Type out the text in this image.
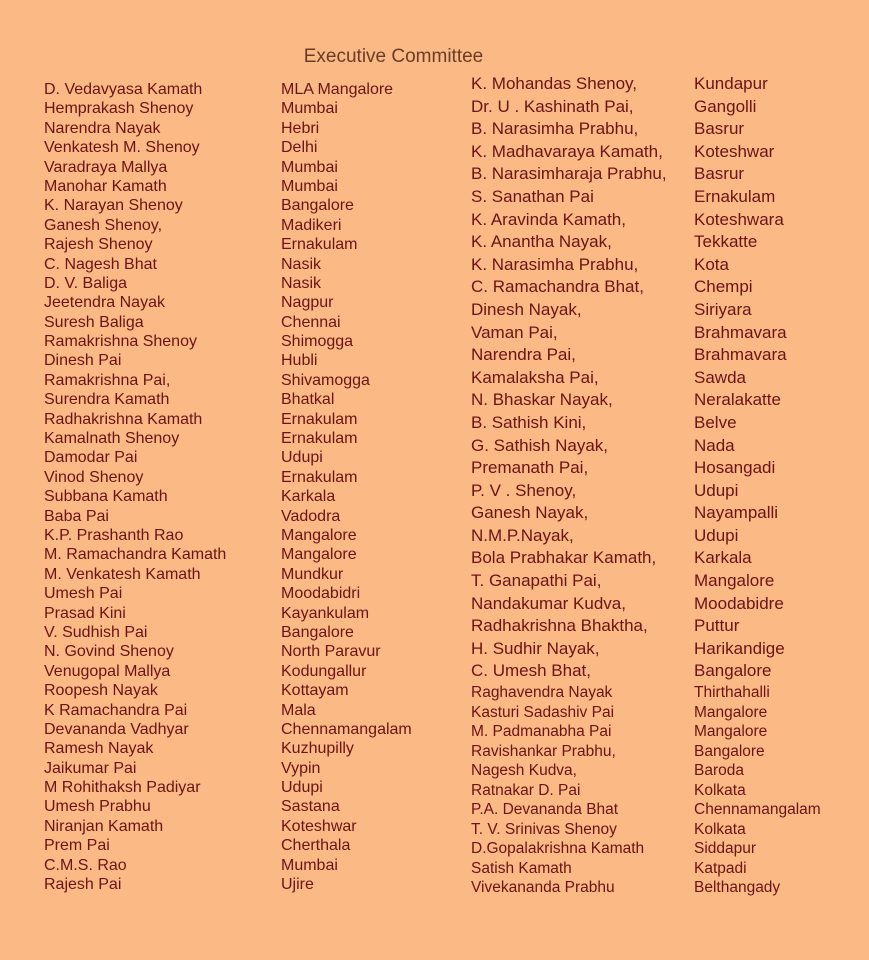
Executive Committee
D. Vedavyasa Kamath
Hemprakash Shenoy
Narendra Nayak
Venkatesh M. Shenoy
Varadraya Mallya
Manohar Kamath
K. Narayan Shenoy
Ganesh Shenoy,
Rajesh Shenoy
C. Nagesh Bhat
D. V. Baliga
Jeetendra Nayak
Suresh Baliga
Ramakrishna Shenoy
Dinesh Pai
Ramakrishna Pai,
Surendra Kamath
Radhakrishna Kamath
Kamalnath Shenoy
Damodar Pai
Vinod Shenoy
Subbana Kamath
Baba Pai
K.P. Prashanth Rao
M. Ramachandra Kamath
M. Venkatesh Kamath
Umesh Pai
Prasad Kini
V. Sudhish Pai
N. Govind Shenoy
Venugopal Mallya
Roopesh Nayak
K Ramachandra Pai
Devananda Vadhyar
Ramesh Nayak
Jaikumar Pai
M Rohithaksh Padiyar
Umesh Prabhu
Niranjan Kamath
Prem Pai
C.M.S. Rao
Rajesh Pai
MLA Mangalore
Mumbai
Hebri
Delhi
Mumbai
Mumbai
Bangalore
Madikeri
Ernakulam
Nasik
Nasik
Nagpur
Chennai
Shimogga
Hubli
Shivamogga
Bhatkal
Ernakulam
Ernakulam
Udupi
Ernakulam
Karkala
Vadodra
Mangalore
Mangalore
Mundkur
Moodabidri
Kayankulam
Bangalore
North Paravur
Kodungallur
Kottayam
Mala
Chennamangalam
Kuzhupilly
Vypin
Udupi
Sastana
Koteshwar
Cherthala
Mumbai
Ujire
K. Mohandas Shenoy,
Dr. U . Kashinath Pai,
B. Narasimha Prabhu,
K. Madhavaraya Kamath,
B. Narasimharaja Prabhu,
S. Sanathan Pai
K. Aravinda Kamath,
K. Anantha Nayak,
K. Narasimha Prabhu,
C. Ramachandra Bhat,
Dinesh Nayak,
Vaman Pai,
Narendra Pai,
Kamalaksha Pai,
N. Bhaskar Nayak,
B. Sathish Kini,
G. Sathish Nayak,
Premanath Pai,
P. V . Shenoy,
Ganesh Nayak,
N.M.P.Nayak,
Bola Prabhakar Kamath,
T. Ganapathi Pai,
Nandakumar Kudva,
Radhakrishna Bhaktha,
H. Sudhir Nayak,
C. Umesh Bhat,
Raghavendra Nayak
Kasturi Sadashiv Pai
M. Padmanabha Pai
Ravishankar Prabhu,
Nagesh Kudva,
Ratnakar D. Pai
P.A. Devananda Bhat
T. V. Srinivas Shenoy
D.Gopalakrishna Kamath
Satish Kamath
Vivekananda Prabhu
Kundapur
Gangolli
Basrur
Koteshwar
Basrur
Ernakulam
Koteshwara
Tekkatte
Kota
Chempi
Siriyara
Brahmavara
Brahmavara
Sawda
Neralakatte
Belve
Nada
Hosangadi
Udupi
Nayampalli
Udupi
Karkala
Mangalore
Moodabidre
Puttur
Harikandige
Bangalore
Thirthahalli
Mangalore
Mangalore
Bangalore
Baroda
Kolkata
Chennamangalam
Kolkata
Siddapur
Katpadi
Belthangady
